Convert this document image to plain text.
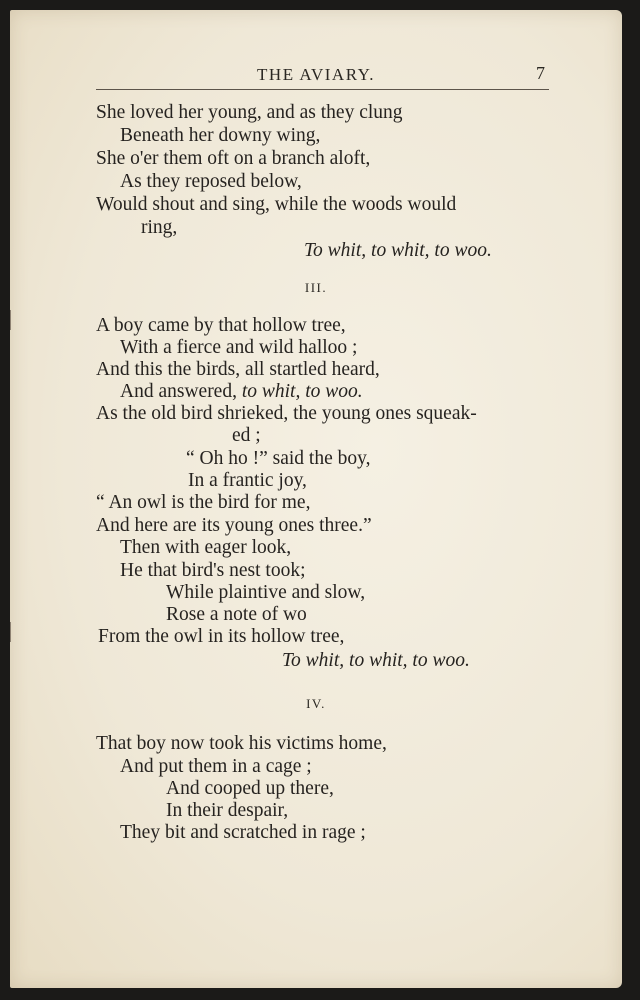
THE AVIARY.	7
She loved her young, and as they clung
Beneath her downy wing,
She o'er them oft on a branch aloft,
As they reposed below,
Would shout and sing, while the woods would
ring,
To whit, to whit, to woo.
III.
A boy came by that hollow tree,
With a fierce and wild halloo ;
And this the birds, all startled heard,
And answered, to whit, to woo.
As the old bird shrieked, the young ones squeak-
ed ;
“ Oh ho !” said the boy,
In a frantic joy,
“ An owl is the bird for me,
And here are its young ones three.”
Then with eager look,
He that bird's nest took;
While plaintive and slow,
Rose a note of wo
From the owl in its hollow tree,
To whit, to whit, to woo.
IV.
That boy now took his victims home,
And put them in a cage ;
And cooped up there,
In their despair,
They bit and scratched in rage ;
